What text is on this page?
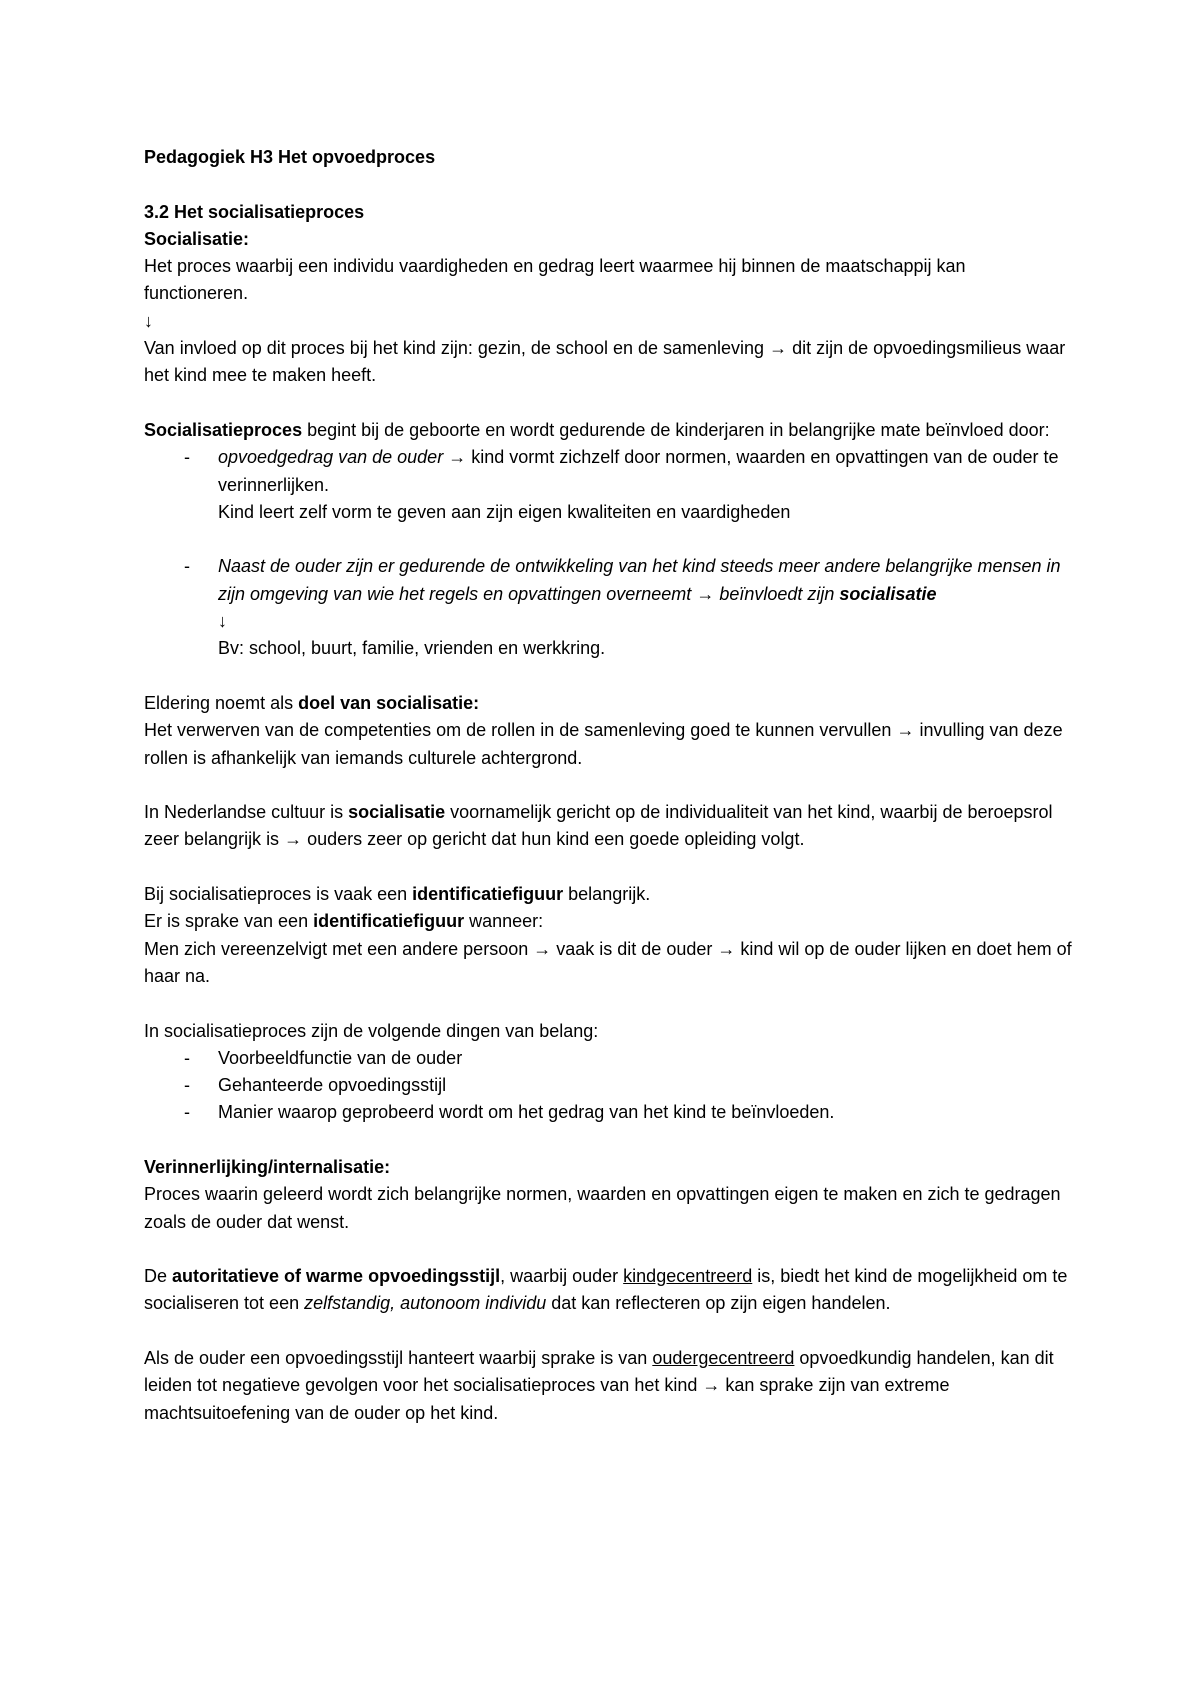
Pedagogiek H3 Het opvoedproces

3.2 Het socialisatieproces

Socialisatie:

Het proces waarbij een individu vaardigheden en gedrag leert waarmee hij binnen de maatschappij kan functioneren.

↓

Van invloed op dit proces bij het kind zijn: gezin, de school en de samenleving → dit zijn de opvoedingsmilieus waar het kind mee te maken heeft.

Socialisatieproces begint bij de geboorte en wordt gedurende de kinderjaren in belangrijke mate beïnvloed door:

- opvoedgedrag van de ouder → kind vormt zichzelf door normen, waarden en opvattingen van de ouder te verinnerlijken.
Kind leert zelf vorm te geven aan zijn eigen kwaliteiten en vaardigheden
- Naast de ouder zijn er gedurende de ontwikkeling van het kind steeds meer andere belangrijke mensen in zijn omgeving van wie het regels en opvattingen overneemt → beïnvloedt zijn socialisatie
↓
Bv: school, buurt, familie, vrienden en werkkring.

Eldering noemt als doel van socialisatie:

Het verwerven van de competenties om de rollen in de samenleving goed te kunnen vervullen → invulling van deze rollen is afhankelijk van iemands culturele achtergrond.

In Nederlandse cultuur is socialisatie voornamelijk gericht op de individualiteit van het kind, waarbij de beroepsrol zeer belangrijk is → ouders zeer op gericht dat hun kind een goede opleiding volgt.

Bij socialisatieproces is vaak een identificatiefiguur belangrijk.

Er is sprake van een identificatiefiguur wanneer:

Men zich vereenzelvigt met een andere persoon → vaak is dit de ouder → kind wil op de ouder lijken en doet hem of haar na.

In socialisatieproces zijn de volgende dingen van belang:

- Voorbeeldfunctie van de ouder
- Gehanteerde opvoedingsstijl
- Manier waarop geprobeerd wordt om het gedrag van het kind te beïnvloeden.

Verinnerlijking/internalisatie:

Proces waarin geleerd wordt zich belangrijke normen, waarden en opvattingen eigen te maken en zich te gedragen zoals de ouder dat wenst.

De autoritatieve of warme opvoedingsstijl, waarbij ouder kindgecentreerd is, biedt het kind de mogelijkheid om te socialiseren tot een zelfstandig, autonoom individu dat kan reflecteren op zijn eigen handelen.

Als de ouder een opvoedingsstijl hanteert waarbij sprake is van oudergecentreerd opvoedkundig handelen, kan dit leiden tot negatieve gevolgen voor het socialisatieproces van het kind → kan sprake zijn van extreme machtsuitoefening van de ouder op het kind.
